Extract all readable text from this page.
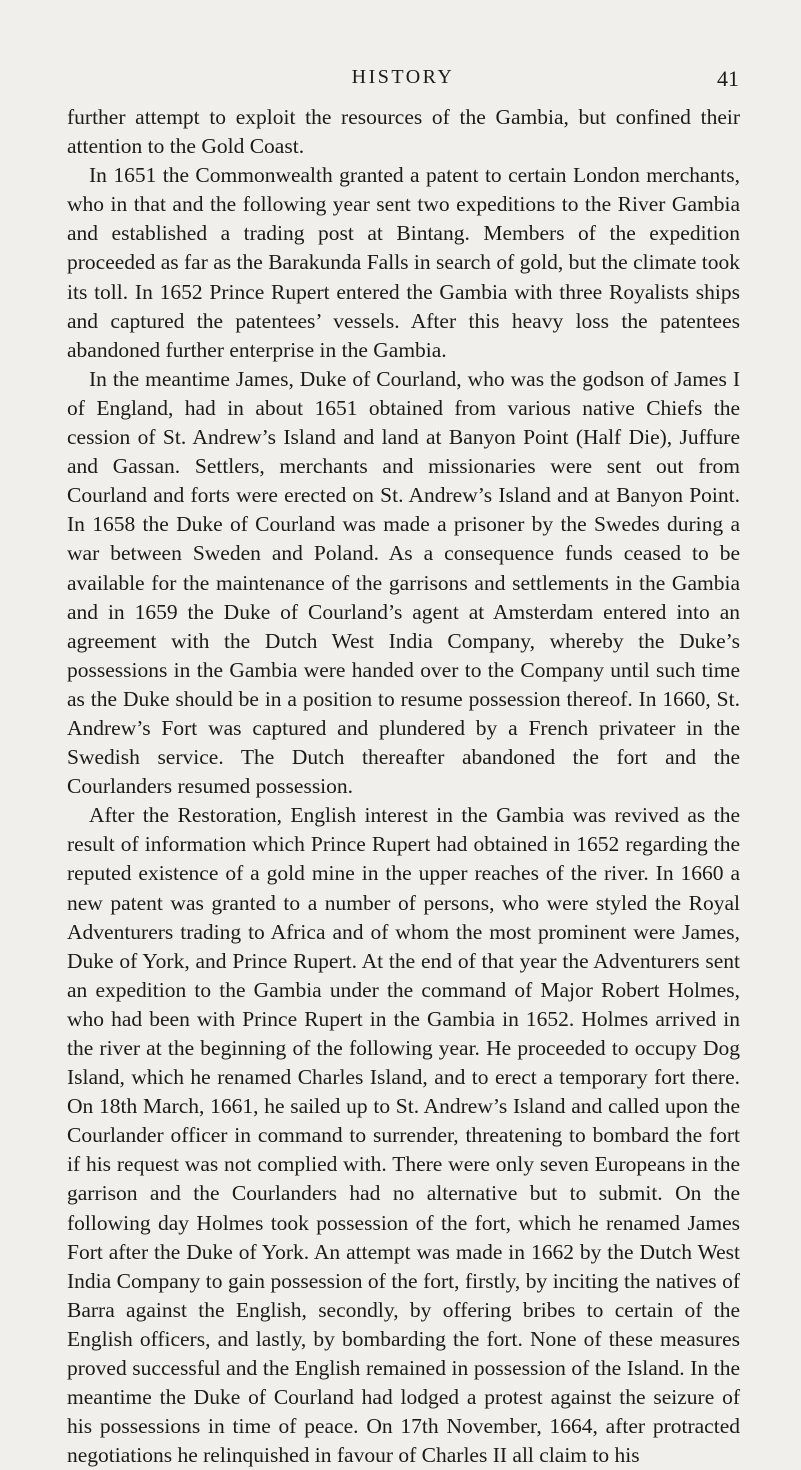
HISTORY	41

further attempt to exploit the resources of the Gambia, but confined their attention to the Gold Coast.

In 1651 the Commonwealth granted a patent to certain London merchants, who in that and the following year sent two expeditions to the River Gambia and established a trading post at Bintang. Members of the expedition proceeded as far as the Barakunda Falls in search of gold, but the climate took its toll. In 1652 Prince Rupert entered the Gambia with three Royalists ships and captured the patentees’ vessels. After this heavy loss the patentees abandoned further enterprise in the Gambia.

In the meantime James, Duke of Courland, who was the godson of James I of England, had in about 1651 obtained from various native Chiefs the cession of St. Andrew’s Island and land at Banyon Point (Half Die), Juffure and Gassan. Settlers, merchants and missionaries were sent out from Courland and forts were erected on St. Andrew’s Island and at Banyon Point. In 1658 the Duke of Courland was made a prisoner by the Swedes during a war between Sweden and Poland. As a consequence funds ceased to be available for the maintenance of the garrisons and settlements in the Gambia and in 1659 the Duke of Courland’s agent at Amsterdam entered into an agreement with the Dutch West India Company, whereby the Duke’s possessions in the Gambia were handed over to the Company until such time as the Duke should be in a position to resume possession thereof. In 1660, St. Andrew’s Fort was captured and plundered by a French privateer in the Swedish service. The Dutch thereafter abandoned the fort and the Courlanders resumed possession.

After the Restoration, English interest in the Gambia was revived as the result of information which Prince Rupert had obtained in 1652 regarding the reputed existence of a gold mine in the upper reaches of the river. In 1660 a new patent was granted to a number of persons, who were styled the Royal Adventurers trading to Africa and of whom the most prominent were James, Duke of York, and Prince Rupert. At the end of that year the Adventurers sent an expedition to the Gambia under the command of Major Robert Holmes, who had been with Prince Rupert in the Gambia in 1652. Holmes arrived in the river at the beginning of the following year. He proceeded to occupy Dog Island, which he renamed Charles Island, and to erect a temporary fort there. On 18th March, 1661, he sailed up to St. Andrew’s Island and called upon the Courlander officer in command to surrender, threatening to bombard the fort if his request was not complied with. There were only seven Europeans in the garrison and the Courlanders had no alternative but to submit. On the following day Holmes took possession of the fort, which he renamed James Fort after the Duke of York. An attempt was made in 1662 by the Dutch West India Company to gain possession of the fort, firstly, by inciting the natives of Barra against the English, secondly, by offering bribes to certain of the English officers, and lastly, by bombarding the fort. None of these measures proved successful and the English remained in possession of the Island. In the meantime the Duke of Courland had lodged a protest against the seizure of his possessions in time of peace. On 17th November, 1664, after protracted negotiations he relinquished in favour of Charles II all claim to his
